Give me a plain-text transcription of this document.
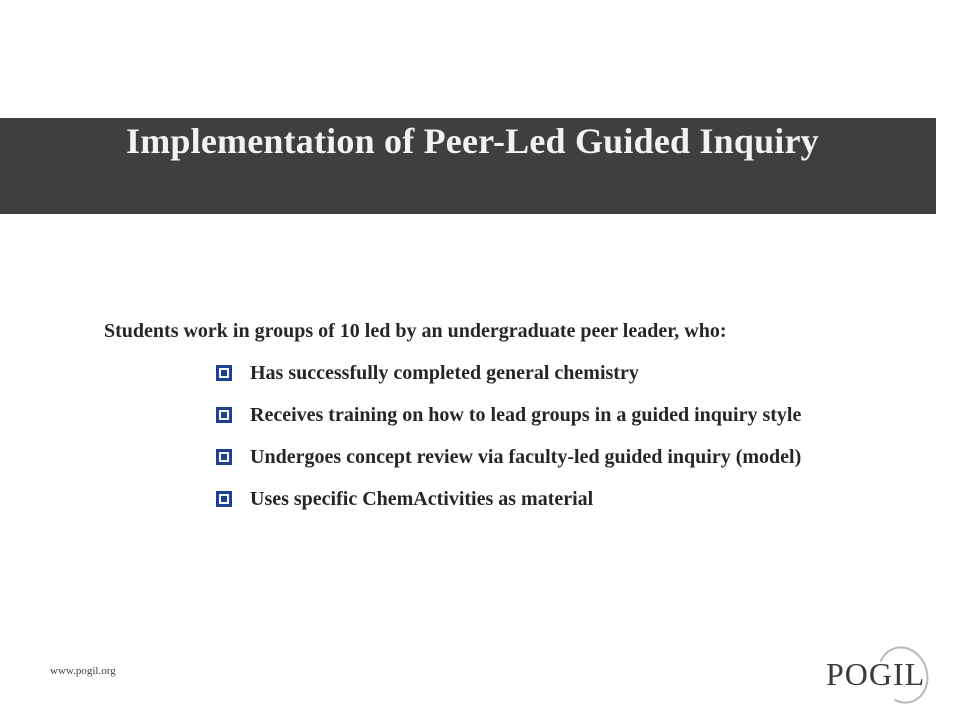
Implementation of Peer-Led Guided Inquiry
Students work in groups of 10 led by an undergraduate peer leader, who:
Has successfully completed general chemistry
Receives training on how to lead groups in a guided inquiry style
Undergoes concept review via faculty-led guided inquiry (model)
Uses specific ChemActivities as material
www.pogil.org	POGIL
